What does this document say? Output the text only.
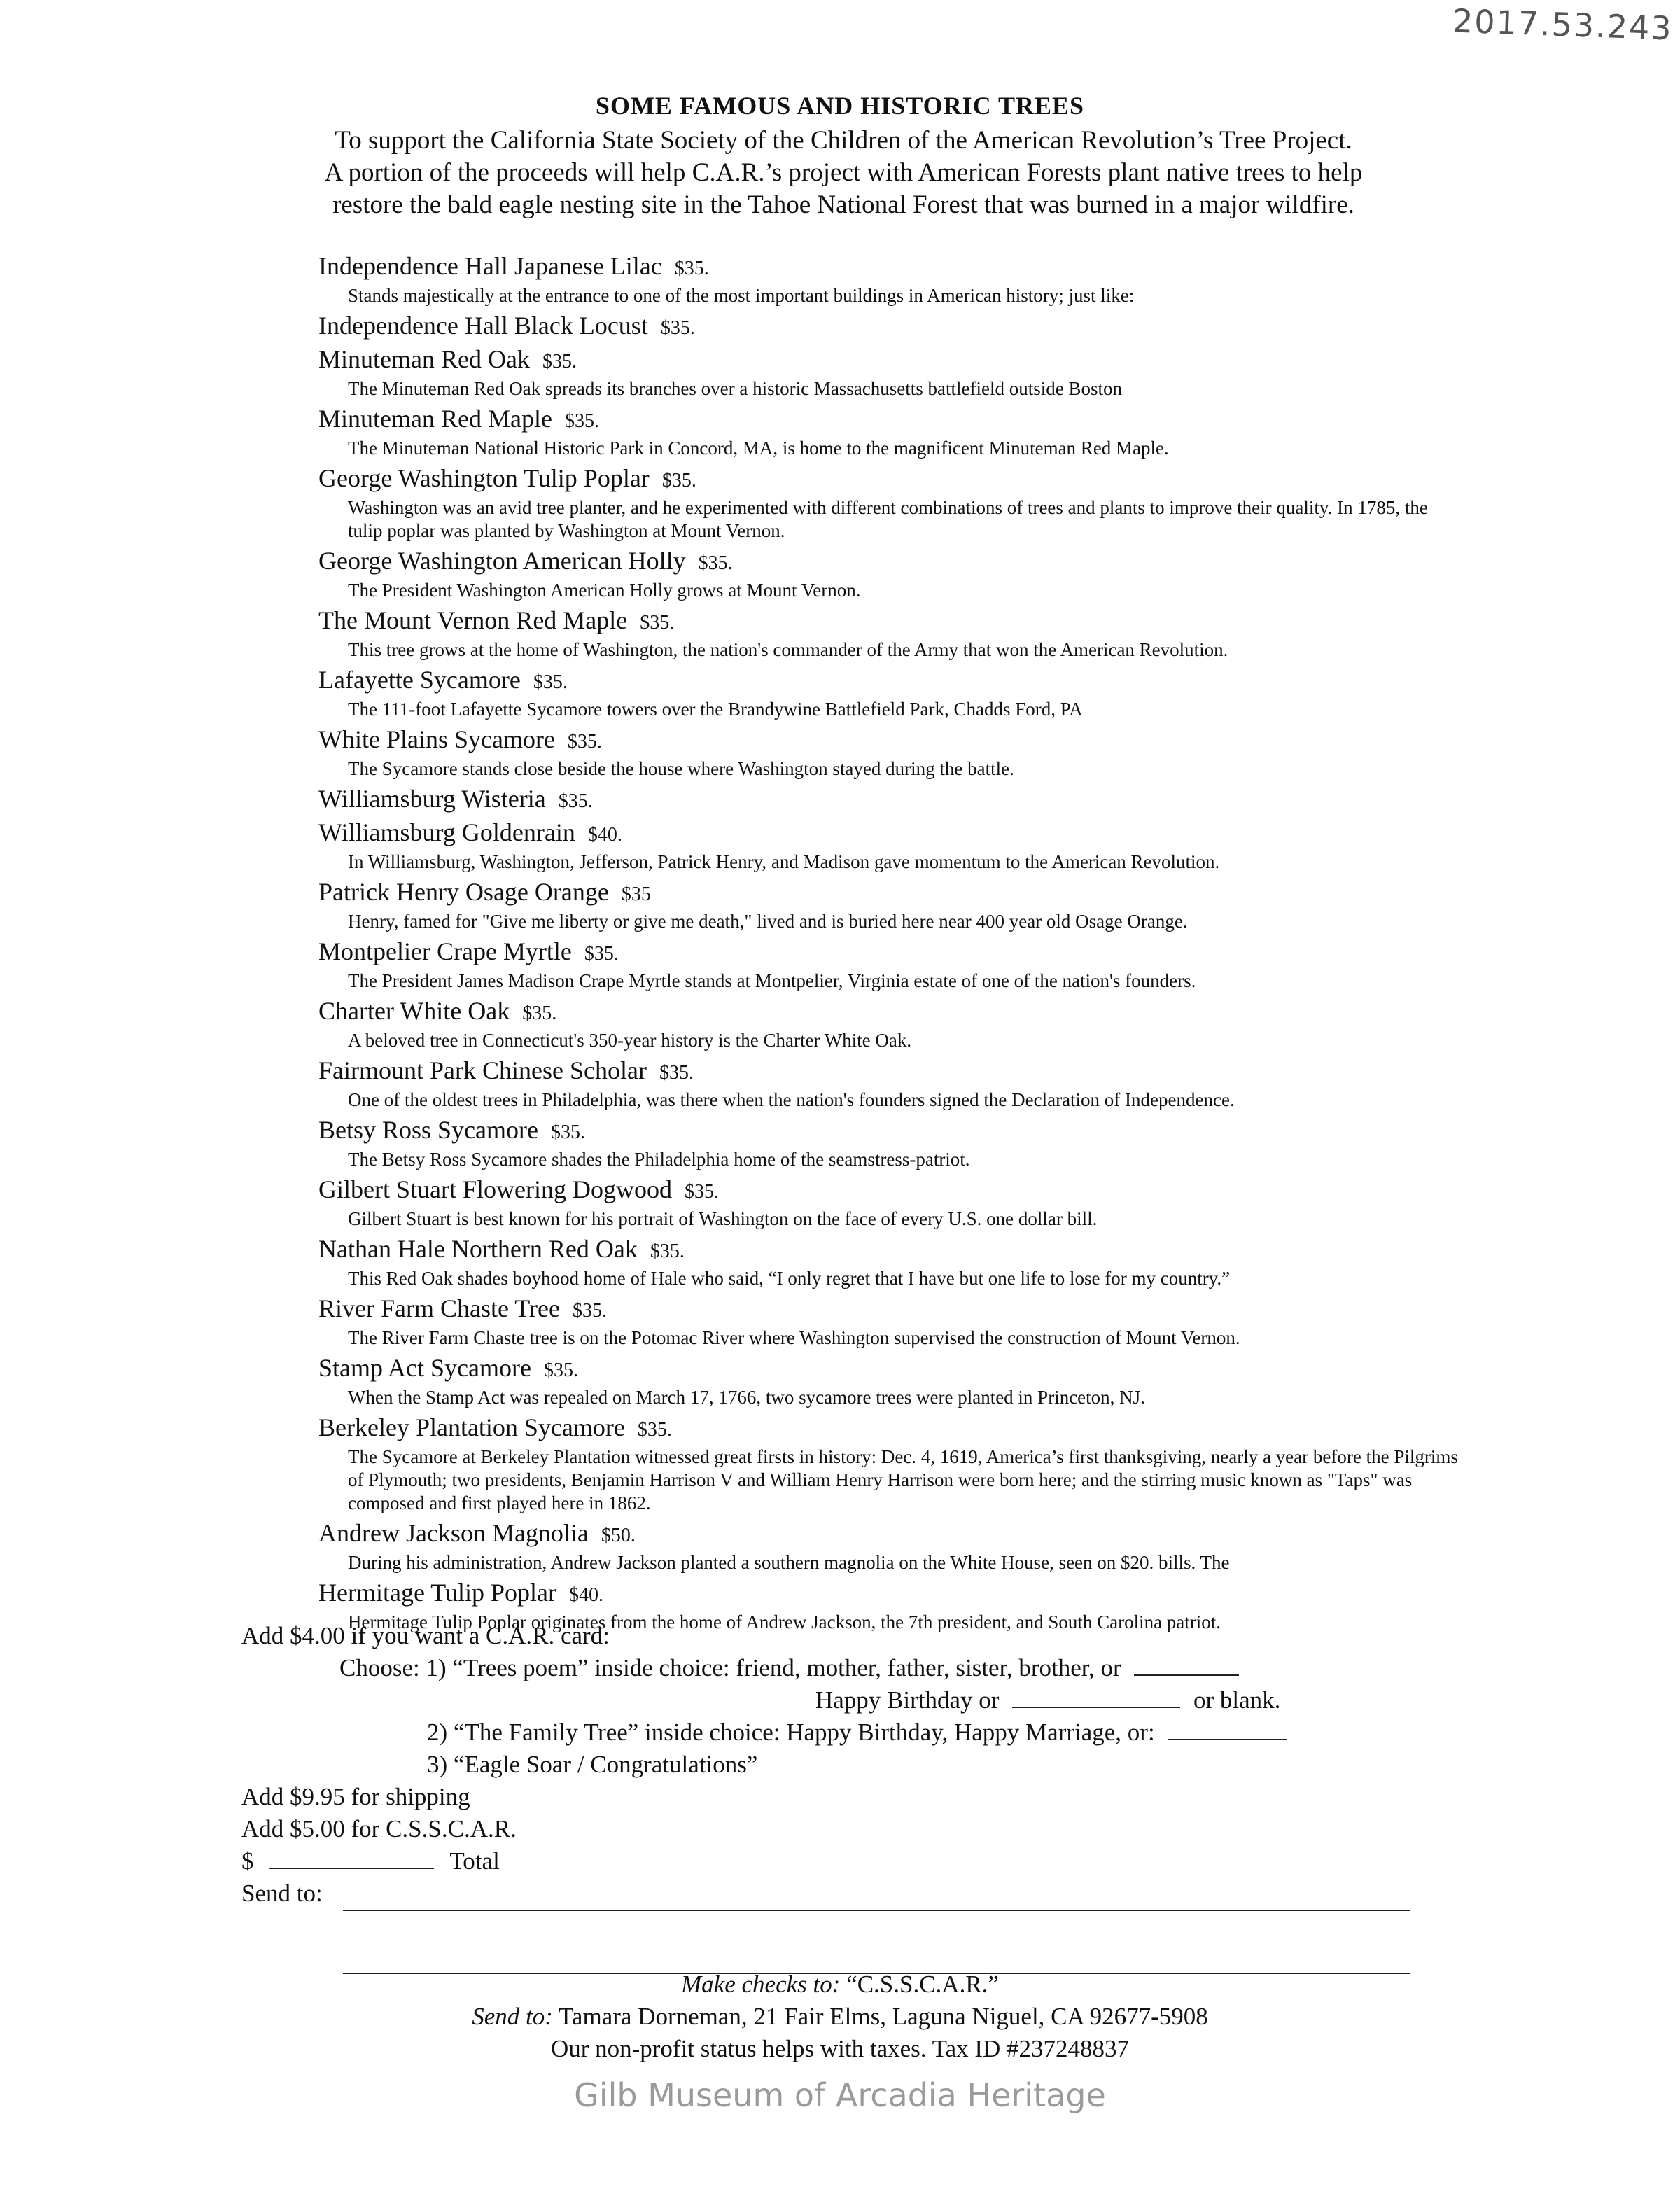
2017.53.243
SOME FAMOUS AND HISTORIC TREES
To support the California State Society of the Children of the American Revolution’s Tree Project.
A portion of the proceeds will help C.A.R.’s project with American Forests plant native trees to help
restore the bald eagle nesting site in the Tahoe National Forest that was burned in a major wildfire.
Independence Hall Japanese Lilac $35.
Stands majestically at the entrance to one of the most important buildings in American history; just like:
Independence Hall Black Locust $35.
Minuteman Red Oak $35.
The Minuteman Red Oak spreads its branches over a historic Massachusetts battlefield outside Boston
Minuteman Red Maple $35.
The Minuteman National Historic Park in Concord, MA, is home to the magnificent Minuteman Red Maple.
George Washington Tulip Poplar $35.
Washington was an avid tree planter, and he experimented with different combinations of trees and plants to improve their quality. In 1785, the tulip poplar was planted by Washington at Mount Vernon.
George Washington American Holly $35.
The President Washington American Holly grows at Mount Vernon.
The Mount Vernon Red Maple $35.
This tree grows at the home of Washington, the nation's commander of the Army that won the American Revolution.
Lafayette Sycamore $35.
The 111-foot Lafayette Sycamore towers over the Brandywine Battlefield Park, Chadds Ford, PA
White Plains Sycamore $35.
The Sycamore stands close beside the house where Washington stayed during the battle.
Williamsburg Wisteria $35.
Williamsburg Goldenrain $40.
In Williamsburg, Washington, Jefferson, Patrick Henry, and Madison gave momentum to the American Revolution.
Patrick Henry Osage Orange $35
Henry, famed for "Give me liberty or give me death," lived and is buried here near 400 year old Osage Orange.
Montpelier Crape Myrtle $35.
The President James Madison Crape Myrtle stands at Montpelier, Virginia estate of one of the nation's founders.
Charter White Oak $35.
A beloved tree in Connecticut's 350-year history is the Charter White Oak.
Fairmount Park Chinese Scholar $35.
One of the oldest trees in Philadelphia, was there when the nation's founders signed the Declaration of Independence.
Betsy Ross Sycamore $35.
The Betsy Ross Sycamore shades the Philadelphia home of the seamstress-patriot.
Gilbert Stuart Flowering Dogwood $35.
Gilbert Stuart is best known for his portrait of Washington on the face of every U.S. one dollar bill.
Nathan Hale Northern Red Oak $35.
This Red Oak shades boyhood home of Hale who said, “I only regret that I have but one life to lose for my country.”
River Farm Chaste Tree $35.
The River Farm Chaste tree is on the Potomac River where Washington supervised the construction of Mount Vernon.
Stamp Act Sycamore $35.
When the Stamp Act was repealed on March 17, 1766, two sycamore trees were planted in Princeton, NJ.
Berkeley Plantation Sycamore $35.
The Sycamore at Berkeley Plantation witnessed great firsts in history: Dec. 4, 1619, America’s first thanksgiving, nearly a year before the Pilgrims of Plymouth; two presidents, Benjamin Harrison V and William Henry Harrison were born here; and the stirring music known as "Taps" was composed and first played here in 1862.
Andrew Jackson Magnolia $50.
During his administration, Andrew Jackson planted a southern magnolia on the White House, seen on $20. bills. The
Hermitage Tulip Poplar $40.
Hermitage Tulip Poplar originates from the home of Andrew Jackson, the 7th president, and South Carolina patriot.
Add $4.00 if you want a C.A.R. card:
Choose: 1) “Trees poem” inside choice: friend, mother, father, sister, brother, or
Happy Birthday or	or blank.
2) “The Family Tree” inside choice: Happy Birthday, Happy Marriage, or:
3) “Eagle Soar / Congratulations”
Add $9.95 for shipping
Add $5.00 for C.S.S.C.A.R.
$	Total
Send to:
Make checks to: “C.S.S.C.A.R.”
Send to: Tamara Dorneman, 21 Fair Elms, Laguna Niguel, CA 92677-5908
Our non-profit status helps with taxes. Tax ID #237248837
Gilb Museum of Arcadia Heritage
